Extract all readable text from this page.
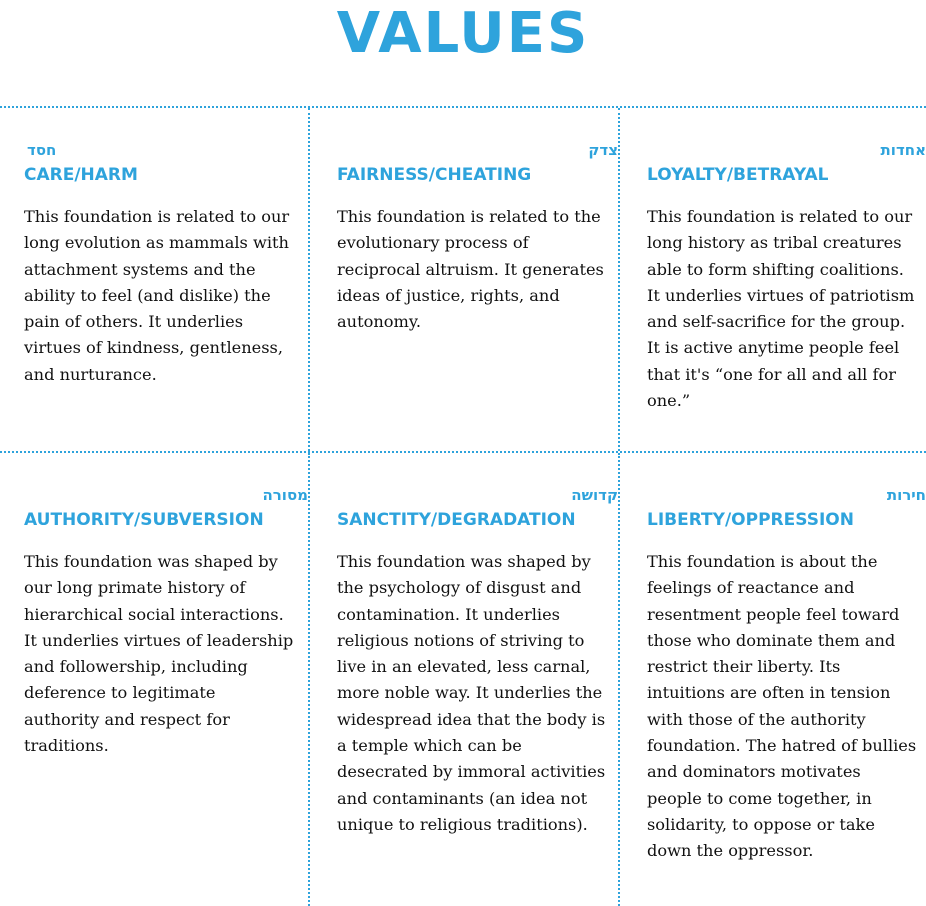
VALUES
חסד
CARE/HARM
This foundation is related to our long evolution as mammals with attachment systems and the ability to feel (and dislike) the pain of others. It underlies virtues of kindness, gentleness, and nurturance.
צדק
FAIRNESS/CHEATING
This foundation is related to the evolutionary process of reciprocal altruism. It generates ideas of justice, rights, and autonomy.
אחדות
LOYALTY/BETRAYAL
This foundation is related to our long history as tribal creatures able to form shifting coalitions. It underlies virtues of patriotism and self-sacrifice for the group. It is active anytime people feel that it's “one for all and all for one.”
מסורה
AUTHORITY/SUBVERSION
This foundation was shaped by our long primate history of hierarchical social interactions. It underlies virtues of leadership and followership, including deference to legitimate authority and respect for traditions.
קדושה
SANCTITY/DEGRADATION
This foundation was shaped by the psychology of disgust and contamination. It underlies religious notions of striving to live in an elevated, less carnal, more noble way. It underlies the widespread idea that the body is a temple which can be desecrated by immoral activities and contaminants (an idea not unique to religious traditions).
חירות
LIBERTY/OPPRESSION
This foundation is about the feelings of reactance and resentment people feel toward those who dominate them and restrict their liberty. Its intuitions are often in tension with those of the authority foundation. The hatred of bullies and dominators motivates people to come together, in solidarity, to oppose or take down the oppressor.
